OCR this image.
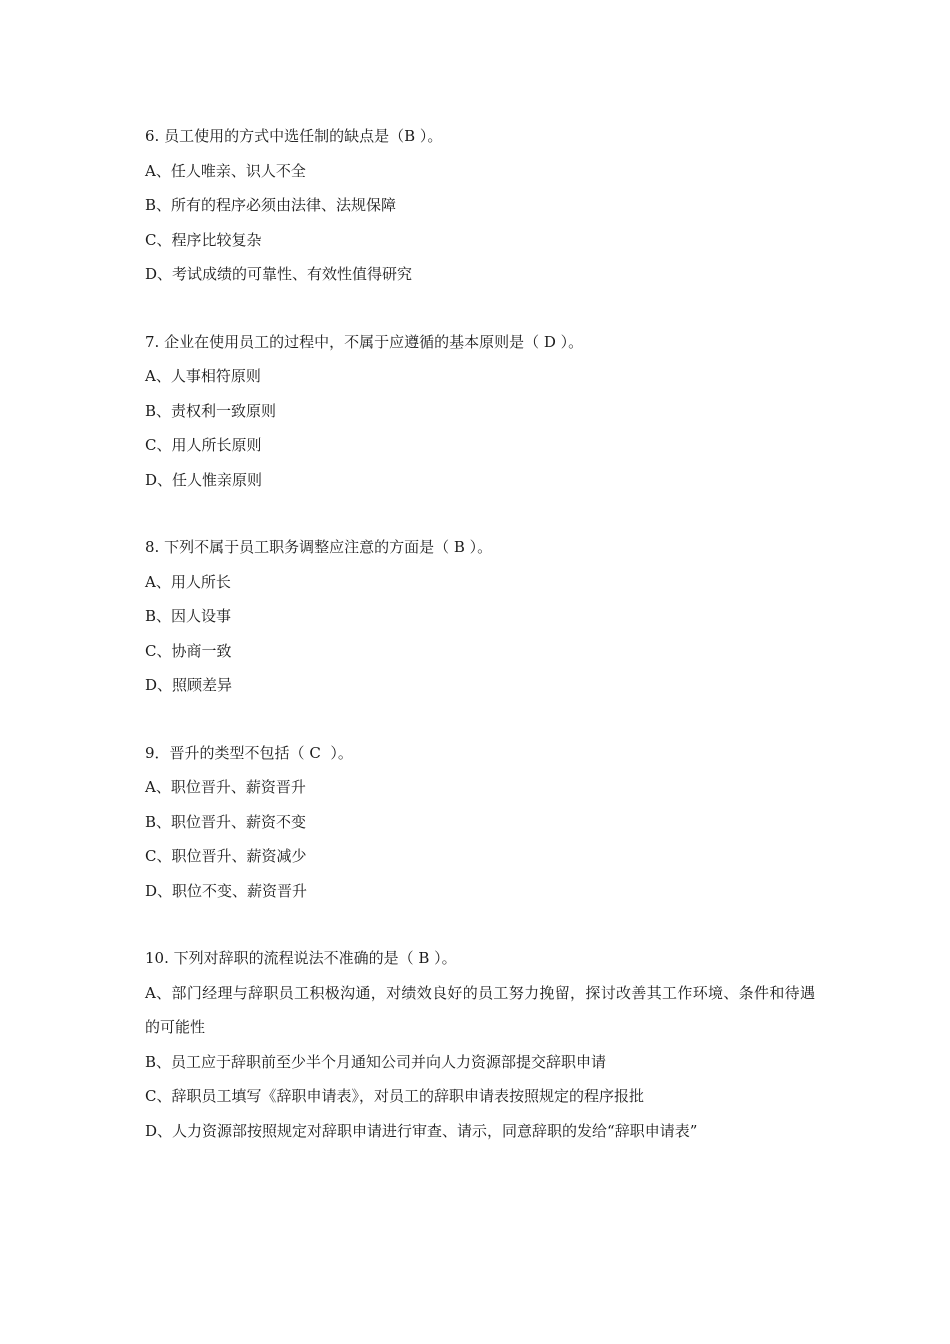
6. 员工使用的方式中选任制的缺点是（B ）。

A、任人唯亲、识人不全

B、所有的程序必须由法律、法规保障

C、程序比较复杂

D、考试成绩的可靠性、有效性值得研究

7. 企业在使用员工的过程中，不属于应遵循的基本原则是（ D ）。

A、人事相符原则

B、责权利一致原则

C、用人所长原则

D、任人惟亲原则

8. 下列不属于员工职务调整应注意的方面是（ B ）。

A、用人所长

B、因人设事

C、协商一致

D、照顾差异

9．晋升的类型不包括（ C  ）。

A、职位晋升、薪资晋升

B、职位晋升、薪资不变

C、职位晋升、薪资减少

D、职位不变、薪资晋升

10. 下列对辞职的流程说法不准确的是（ B ）。

A、部门经理与辞职员工积极沟通，对绩效良好的员工努力挽留，探讨改善其工作环境、条件和待遇的可能性

B、员工应于辞职前至少半个月通知公司并向人力资源部提交辞职申请

C、辞职员工填写《辞职申请表》，对员工的辞职申请表按照规定的程序报批

D、人力资源部按照规定对辞职申请进行审查、请示，同意辞职的发给“辞职申请表”
